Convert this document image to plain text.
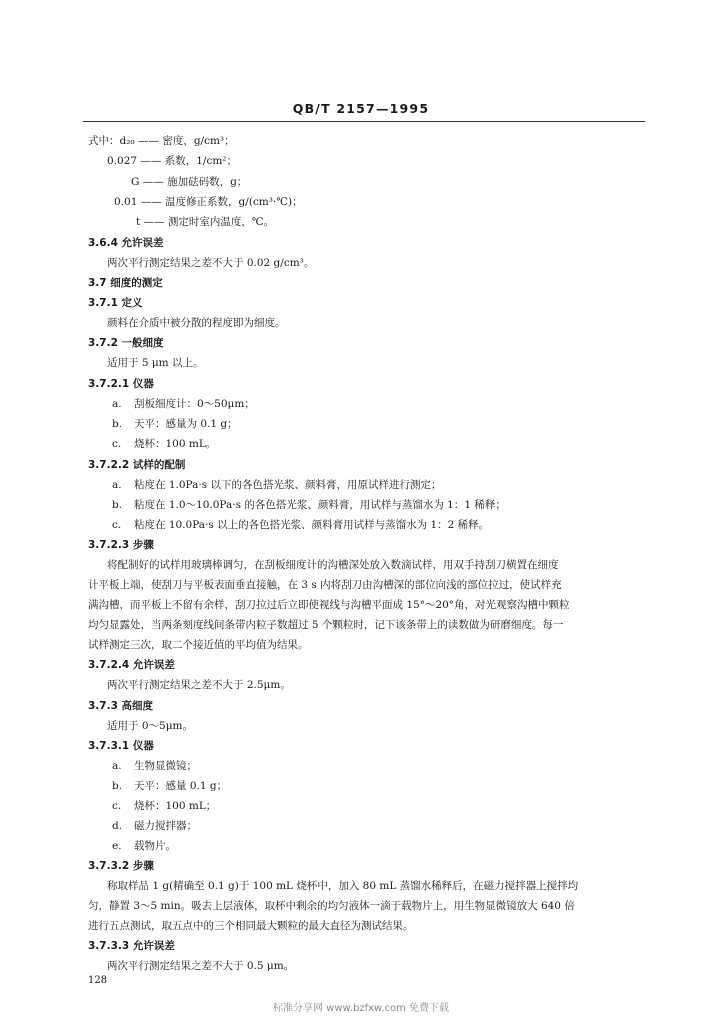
QB/T 2157—1995
式中：d₂₀ —— 密度，g/cm³；
0.027 —— 系数，1/cm²；
G —— 施加砝码数，g；
0.01 —— 温度修正系数，g/(cm³·℃)；
t —— 测定时室内温度，℃。
3.6.4 允许误差
两次平行测定结果之差不大于 0.02 g/cm³。
3.7 细度的测定
3.7.1 定义
颜料在介质中被分散的程度即为细度。
3.7.2 一般细度
适用于 5 μm 以上。
3.7.2.1 仪器
a. 刮板细度计：0～50μm；
b. 天平：感量为 0.1 g；
c. 烧杯：100 mL。
3.7.2.2 试样的配制
a. 粘度在 1.0Pa·s 以下的各色搭光浆、颜料膏，用原试样进行测定；
b. 粘度在 1.0～10.0Pa·s 的各色搭光浆、颜料膏，用试样与蒸馏水为 1：1 稀释；
c. 粘度在 10.0Pa·s 以上的各色搭光浆、颜料膏用试样与蒸馏水为 1：2 稀释。
3.7.2.3 步骤
将配制好的试样用玻璃棒调匀，在刮板细度计的沟槽深处放入数滴试样，用双手持刮刀横置在细度
计平板上端，使刮刀与平板表面垂直接触，在 3 s 内将刮刀由沟槽深的部位向浅的部位拉过，使试样充
满沟槽，而平板上不留有余样，刮刀拉过后立即使视线与沟槽平面成 15°～20°角，对光观察沟槽中颗粒
均匀显露处，当两条刻度线间条带内粒子数超过 5 个颗粒时，记下该条带上的读数做为研磨细度。每一
试样测定三次，取二个接近值的平均值为结果。
3.7.2.4 允许误差
两次平行测定结果之差不大于 2.5μm。
3.7.3 高细度
适用于 0～5μm。
3.7.3.1 仪器
a. 生物显微镜；
b. 天平：感量 0.1 g；
c. 烧杯：100 mL；
d. 磁力搅拌器；
e. 载物片。
3.7.3.2 步骤
称取样品 1 g(精确至 0.1 g)于 100 mL 烧杯中，加入 80 mL 蒸馏水稀释后，在磁力搅拌器上搅拌均
匀，静置 3～5 min。吸去上层液体，取杯中剩余的均匀液体一滴于载物片上，用生物显微镜放大 640 倍
进行五点测试，取五点中的三个相同最大颗粒的最大直径为测试结果。
3.7.3.3 允许误差
两次平行测定结果之差不大于 0.5 μm。
128
标准分享网 www.bzfxw.com 免费下载
